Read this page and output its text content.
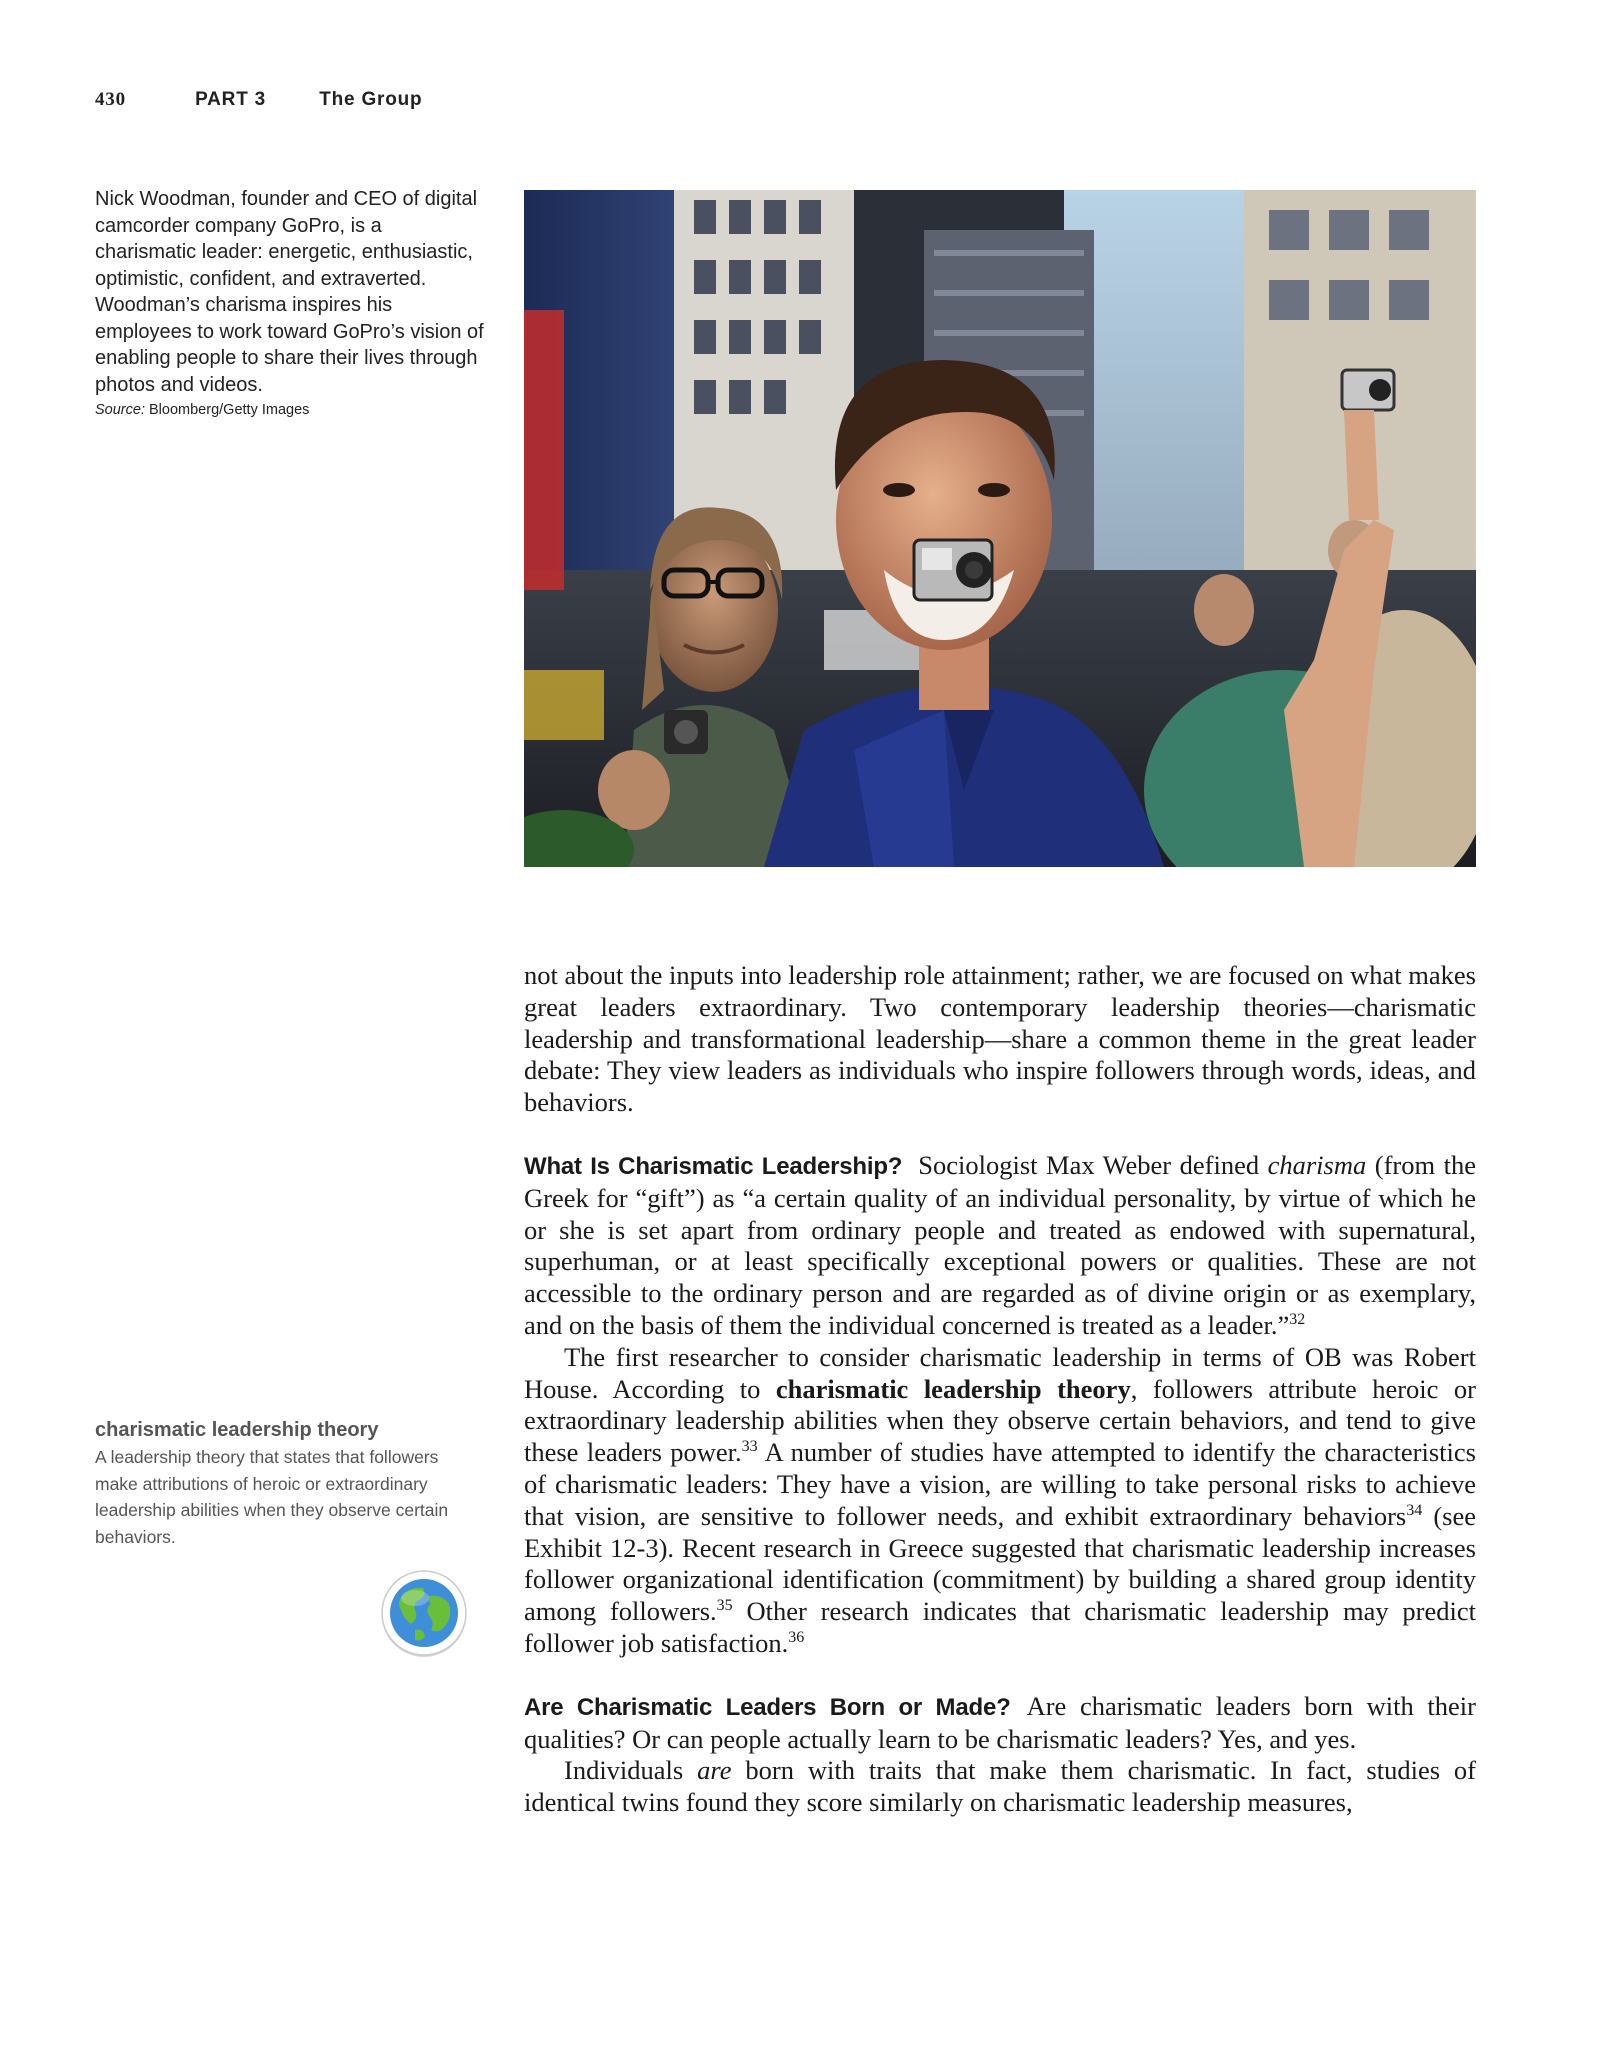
430	PART 3	The Group
Nick Woodman, founder and CEO of digital camcorder company GoPro, is a charismatic leader: energetic, enthusiastic, optimistic, confident, and extraverted. Woodman’s charisma inspires his employees to work toward GoPro’s vision of enabling people to share their lives through photos and videos.
Source: Bloomberg/Getty Images
charismatic leadership theory
A leadership theory that states that followers make attributions of heroic or extraordinary leadership abilities when they observe certain behaviors.

not about the inputs into leadership role attainment; rather, we are focused on what makes great leaders extraordinary. Two contemporary leadership theories—charismatic leadership and transformational leadership—share a common theme in the great leader debate: They view leaders as individuals who inspire followers through words, ideas, and behaviors.

What Is Charismatic Leadership? Sociologist Max Weber defined charisma (from the Greek for “gift”) as “a certain quality of an individual personality, by virtue of which he or she is set apart from ordinary people and treated as endowed with supernatural, superhuman, or at least specifically exceptional powers or qualities. These are not accessible to the ordinary person and are regarded as of divine origin or as exemplary, and on the basis of them the individual concerned is treated as a leader.”$^{32}$

The first researcher to consider charismatic leadership in terms of OB was Robert House. According to charismatic leadership theory, followers attribute heroic or extraordinary leadership abilities when they observe certain behaviors, and tend to give these leaders power.$^{33}$ A number of studies have attempted to identify the characteristics of charismatic leaders: They have a vision, are willing to take personal risks to achieve that vision, are sensitive to follower needs, and exhibit extraordinary behaviors$^{34}$ (see Exhibit 12-3). Recent research in Greece suggested that charismatic leadership increases follower organizational identification (commitment) by building a shared group identity among followers.$^{35}$ Other research indicates that charismatic leadership may predict follower job satisfaction.$^{36}$

Are Charismatic Leaders Born or Made? Are charismatic leaders born with their qualities? Or can people actually learn to be charismatic leaders? Yes, and yes.

Individuals are born with traits that make them charismatic. In fact, studies of identical twins found they score similarly on charismatic leadership measures,
